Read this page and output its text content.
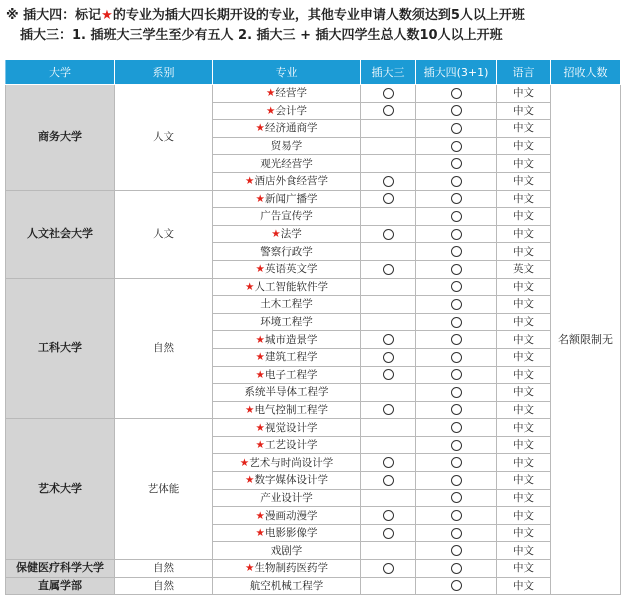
※ 插大四：标记★的专业为插大四长期开设的专业，其他专业申请人数须达到5人以上开班
插大三：1. 插班大三学生至少有五人 2. 插大三 + 插大四学生总人数10人以上开班
大学	系别	专业	插大三	插大四(3+1)	语言	招收人数
商务大学	人文	★经营学			中文	名额限制无
		★会计学			中文	
		★经济通商学			中文	
		贸易学			中文	
		观光经营学			中文	
		★酒店外食经营学			中文	
人文社会大学	人文	★新闻广播学			中文	
		广告宣传学			中文	
		★法学			中文	
		警察行政学			中文	
		★英语英文学			英文	
工科大学	自然	★人工智能软件学			中文	
		土木工程学			中文	
		环境工程学			中文	
		★城市造景学			中文	
		★建筑工程学			中文	
		★电子工程学			中文	
		系统半导体工程学			中文	
		★电气控制工程学			中文	
艺术大学	艺体能	★视觉设计学			中文	
		★工艺设计学			中文	
		★艺术与时尚设计学			中文	
		★数字媒体设计学			中文	
		产业设计学			中文	
		★漫画动漫学			中文	
		★电影影像学			中文	
		戏剧学			中文	
保健医疗科学大学	自然	★生物制药医药学			中文	
直属学部	自然	航空机械工程学			中文	
